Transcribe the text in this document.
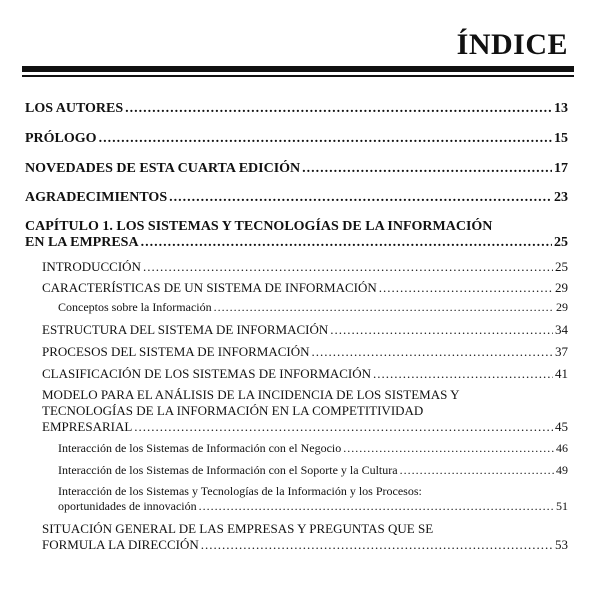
ÍNDICE
LOS AUTORES .....	13
PRÓLOGO .....	15
NOVEDADES DE ESTA CUARTA EDICIÓN .....	17
AGRADECIMIENTOS .....	23
CAPÍTULO 1. LOS SISTEMAS Y TECNOLOGÍAS DE LA INFORMACIÓN
EN LA EMPRESA .....	25
INTRODUCCIÓN .....	25
CARACTERÍSTICAS DE UN SISTEMA DE INFORMACIÓN .....	29
Conceptos sobre la Información .....	29
ESTRUCTURA DEL SISTEMA DE INFORMACIÓN .....	34
PROCESOS DEL SISTEMA DE INFORMACIÓN .....	37
CLASIFICACIÓN DE LOS SISTEMAS DE INFORMACIÓN .....	41
MODELO PARA EL ANÁLISIS DE LA INCIDENCIA DE LOS SISTEMAS Y
TECNOLOGÍAS DE LA INFORMACIÓN EN LA COMPETITIVIDAD
EMPRESARIAL .....	45
Interacción de los Sistemas de Información con el Negocio .....	46
Interacción de los Sistemas de Información con el Soporte y la Cultura .....	49
Interacción de los Sistemas y Tecnologías de la Información y los Procesos:
oportunidades de innovación .....	51
SITUACIÓN GENERAL DE LAS EMPRESAS Y PREGUNTAS QUE SE
FORMULA LA DIRECCIÓN .....	53
